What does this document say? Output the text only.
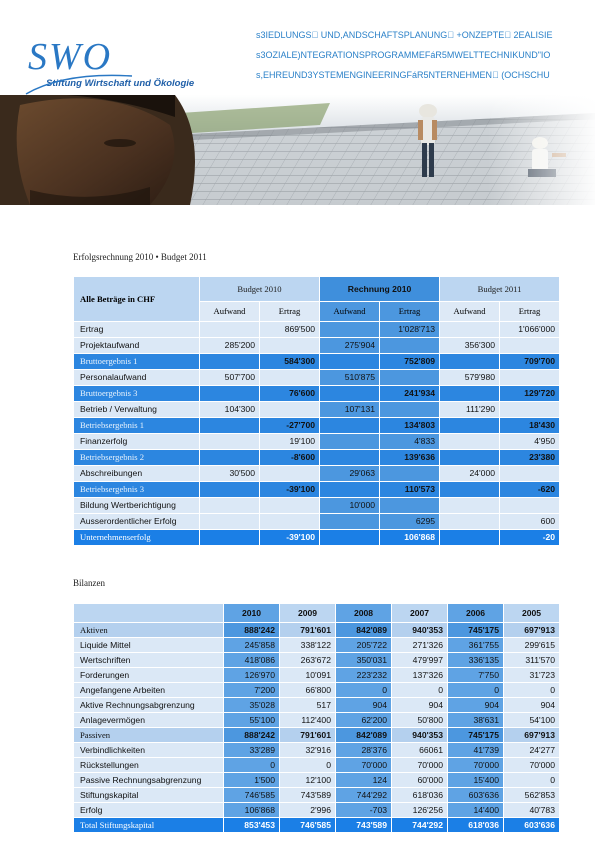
SWO
Stiftung Wirtschaft und Ökologie
s3IEDLUNGS  UND,ANDSCHAFTSPLANUNG  +ONZEPTE  2EALISIE
s3OZIALE)NTEGRATIONSPROGRAMMEFáR5MWELTTECHNIKUND"IO
s,EHREUND3YSTEMENGINEERINGFáR5NTERNEHMEN  (OCHSCHU
Erfolgsrechnung 2010 • Budget 2011
Alle Beträge in CHF	Budget 2010		Rechnung 2010		Budget 2011	
	Aufwand	Ertrag	Aufwand	Ertrag	Aufwand	Ertrag
Ertrag		869'500		1'028'713		1'066'000
Projektaufwand	285'200		275'904		356'300	
Bruttoergebnis 1		584'300		752'809		709'700
Personalaufwand	507'700		510'875		579'980	
Bruttoergebnis 3		76'600		241'934		129'720
Betrieb / Verwaltung	104'300		107'131		111'290	
Betriebsergebnis 1		-27'700		134'803		18'430
Finanzerfolg		19'100		4'833		4'950
Betriebsergebnis 2		-8'600		139'636		23'380
Abschreibungen	30'500		29'063		24'000	
Betriebsergebnis 3		-39'100		110'573		-620
Bildung Wertberichtigung			10'000			
Ausserordentlicher Erfolg				6295		600
Unternehmenserfolg		-39'100		106'868		-20
Bilanzen
	2010	2009	2008	2007	2006	2005
Aktiven	888'242	791'601	842'089	940'353	745'175	697'913
Liquide Mittel	245'858	338'122	205'722	271'326	361'755	299'615
Wertschriften	418'086	263'672	350'031	479'997	336'135	311'570
Forderungen	126'970	10'091	223'232	137'326	7'750	31'723
Angefangene Arbeiten	7'200	66'800	0	0	0	0
Aktive Rechnungsabgrenzung	35'028	517	904	904	904	904
Anlagevermögen	55'100	112'400	62'200	50'800	38'631	54'100
Passiven	888'242	791'601	842'089	940'353	745'175	697'913
Verbindlichkeiten	33'289	32'916	28'376	66061	41'739	24'277
Rückstellungen	0	0	70'000	70'000	70'000	70'000
Passive Rechnungsabgrenzung	1'500	12'100	124	60'000	15'400	0
Stiftungskapital	746'585	743'589	744'292	618'036	603'636	562'853
Erfolg	106'868	2'996	-703	126'256	14'400	40'783
Total Stiftungskapital	853'453	746'585	743'589	744'292	618'036	603'636
